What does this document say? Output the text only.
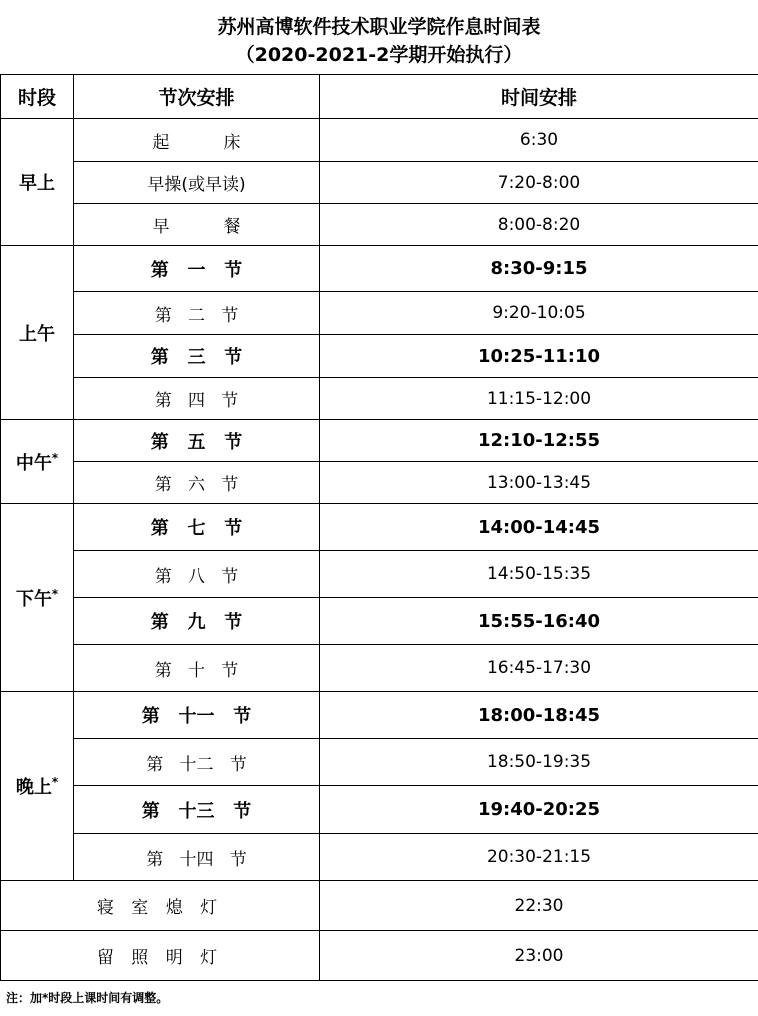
苏州高博软件技术职业学院作息时间表
（2020-2021-2学期开始执行）
时段	节次安排	时间安排
早上	起          床	6:30
	早操(或早读)	7:20-8:00
	早          餐	8:00-8:20
上午	第   一   节	8:30-9:15
	第   二   节	9:20-10:05
	第   三   节	10:25-11:10
	第   四   节	11:15-12:00
中午*	第   五   节	12:10-12:55
	第   六   节	13:00-13:45
下午*	第   七   节	14:00-14:45
	第   八   节	14:50-15:35
	第   九   节	15:55-16:40
	第   十   节	16:45-17:30
晚上*	第   十一   节	18:00-18:45
	第   十二   节	18:50-19:35
	第   十三   节	19:40-20:25
	第   十四   节	20:30-21:15
寝 室 熄 灯		22:30
留 照 明 灯		23:00
注：加*时段上课时间有调整。
